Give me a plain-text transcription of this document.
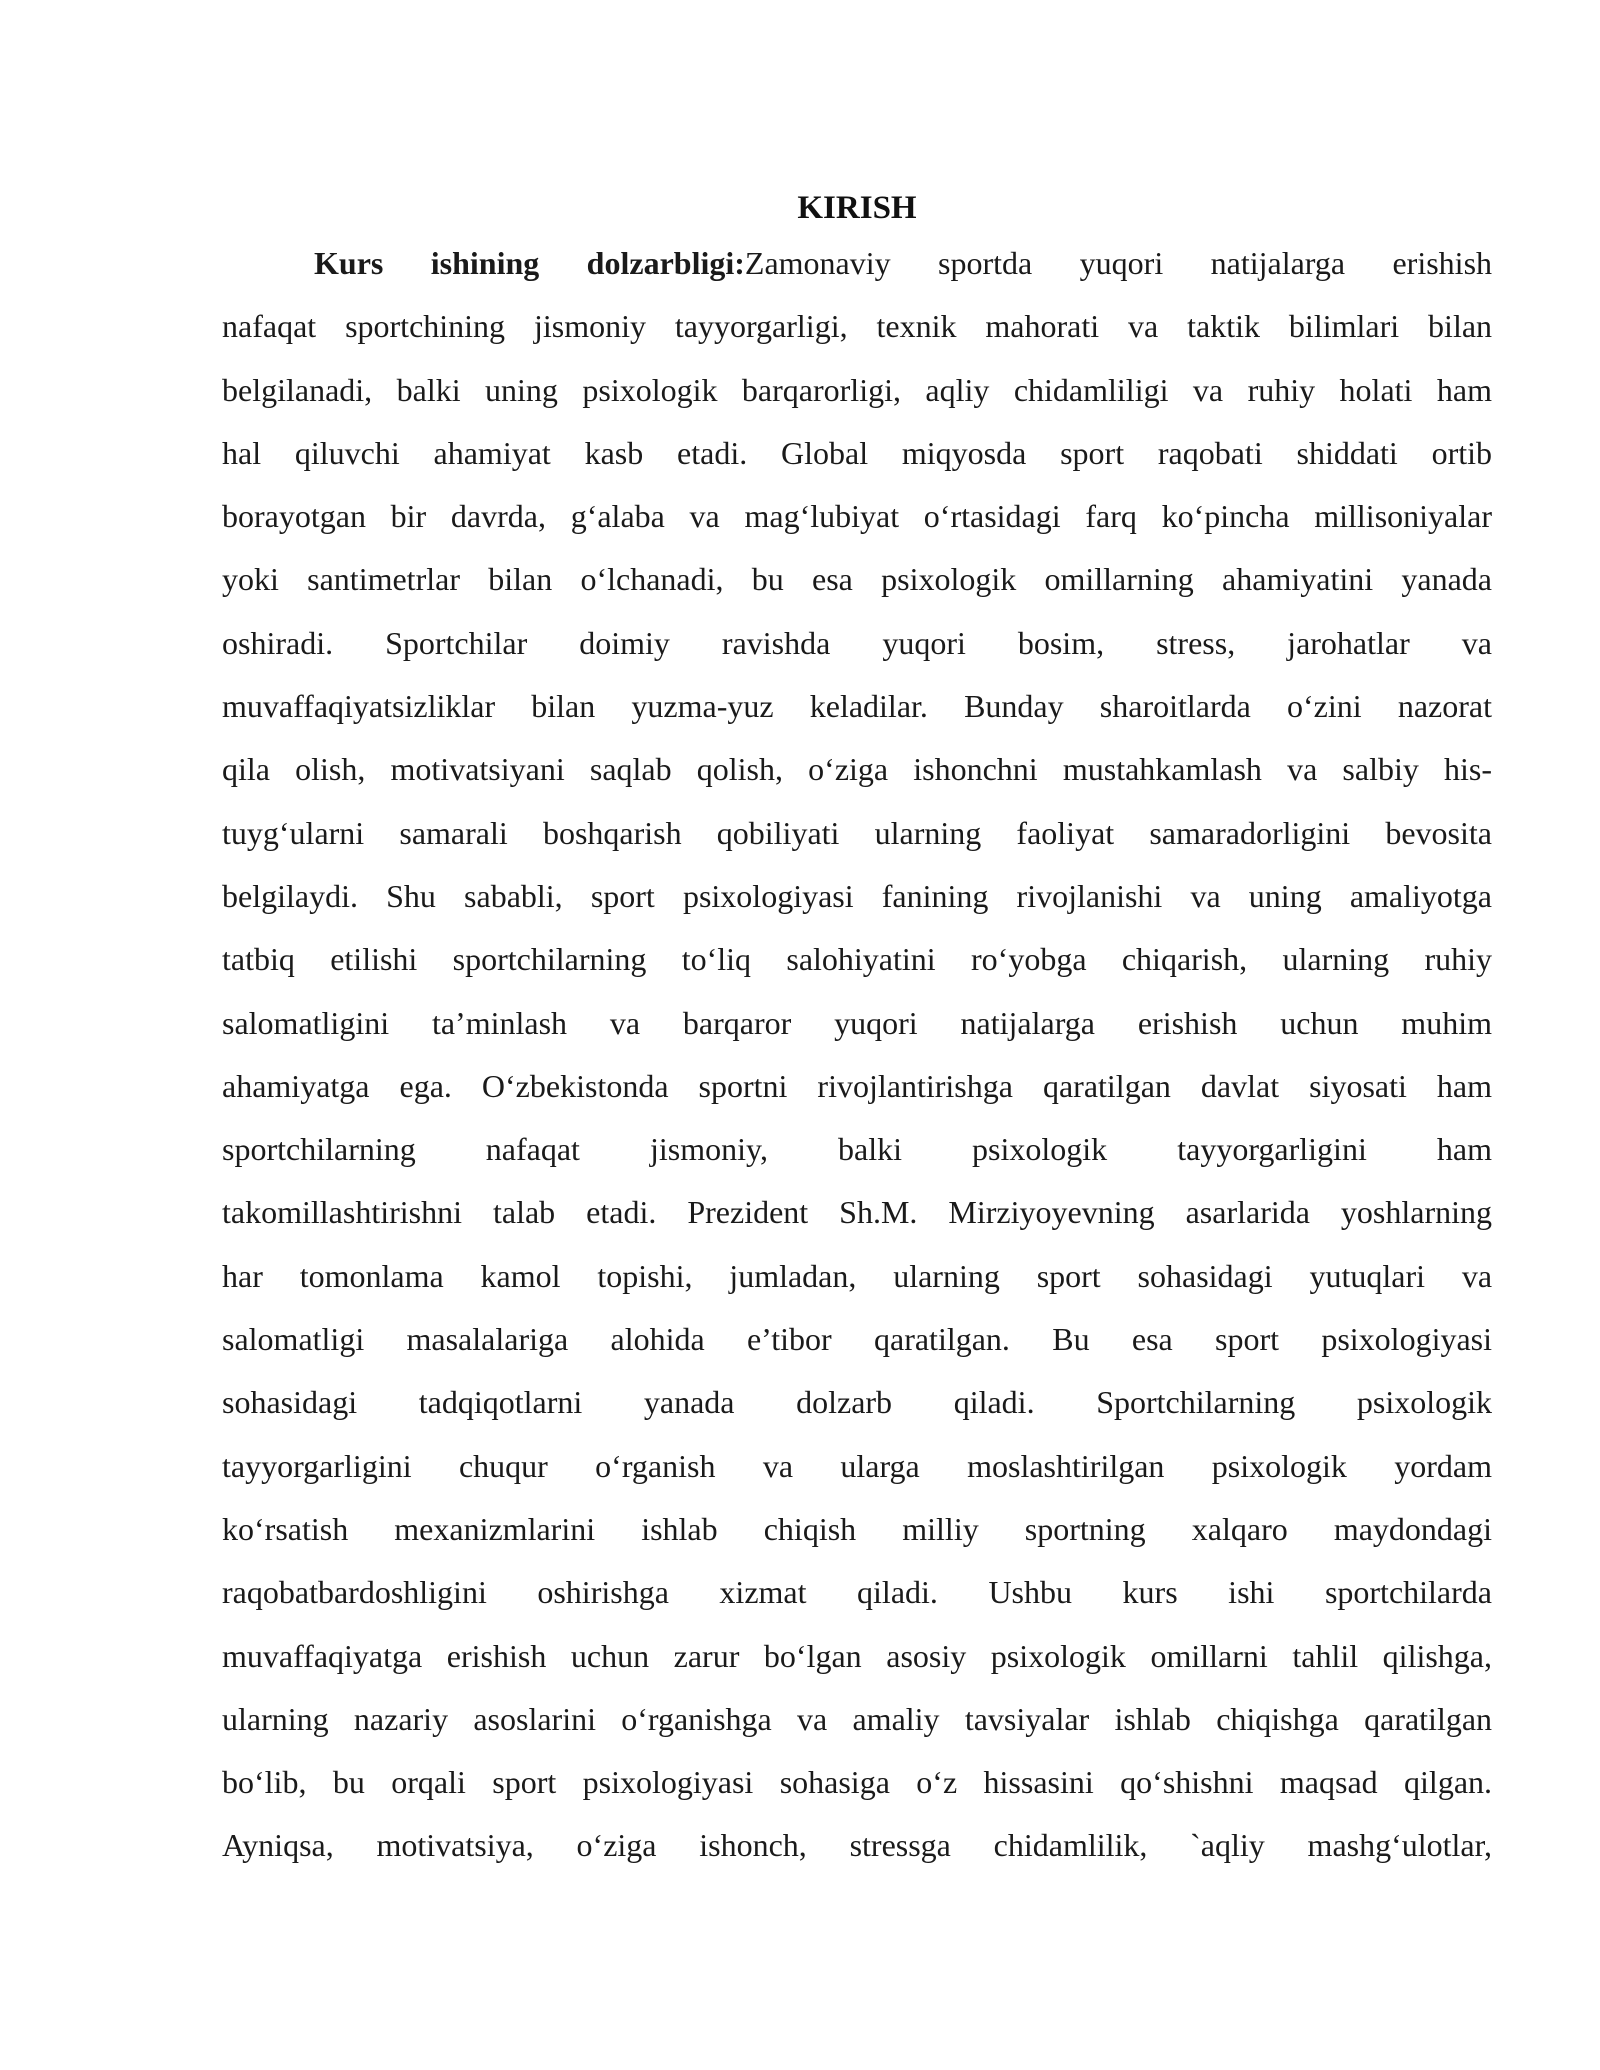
KIRISH
Kurs ishining dolzarbligi:Zamonaviy sportda yuqori natijalarga erishish
nafaqat sportchining jismoniy tayyorgarligi, texnik mahorati va taktik bilimlari bilan
belgilanadi, balki uning psixologik barqarorligi, aqliy chidamliligi va ruhiy holati ham
hal qiluvchi ahamiyat kasb etadi. Global miqyosda sport raqobati shiddati ortib
borayotgan bir davrda, g‘alaba va mag‘lubiyat o‘rtasidagi farq ko‘pincha millisoniyalar
yoki santimetrlar bilan o‘lchanadi, bu esa psixologik omillarning ahamiyatini yanada
oshiradi. Sportchilar doimiy ravishda yuqori bosim, stress, jarohatlar va
muvaffaqiyatsizliklar bilan yuzma-yuz keladilar. Bunday sharoitlarda o‘zini nazorat
qila olish, motivatsiyani saqlab qolish, o‘ziga ishonchni mustahkamlash va salbiy his-
tuyg‘ularni samarali boshqarish qobiliyati ularning faoliyat samaradorligini bevosita
belgilaydi. Shu sababli, sport psixologiyasi fanining rivojlanishi va uning amaliyotga
tatbiq etilishi sportchilarning to‘liq salohiyatini ro‘yobga chiqarish, ularning ruhiy
salomatligini ta’minlash va barqaror yuqori natijalarga erishish uchun muhim
ahamiyatga ega. O‘zbekistonda sportni rivojlantirishga qaratilgan davlat siyosati ham
sportchilarning nafaqat jismoniy, balki psixologik tayyorgarligini ham
takomillashtirishni talab etadi. Prezident Sh.M. Mirziyoyevning asarlarida yoshlarning
har tomonlama kamol topishi, jumladan, ularning sport sohasidagi yutuqlari va
salomatligi masalalariga alohida e’tibor qaratilgan. Bu esa sport psixologiyasi
sohasidagi tadqiqotlarni yanada dolzarb qiladi. Sportchilarning psixologik
tayyorgarligini chuqur o‘rganish va ularga moslashtirilgan psixologik yordam
ko‘rsatish mexanizmlarini ishlab chiqish milliy sportning xalqaro maydondagi
raqobatbardoshligini oshirishga xizmat qiladi. Ushbu kurs ishi sportchilarda
muvaffaqiyatga erishish uchun zarur bo‘lgan asosiy psixologik omillarni tahlil qilishga,
ularning nazariy asoslarini o‘rganishga va amaliy tavsiyalar ishlab chiqishga qaratilgan
bo‘lib, bu orqali sport psixologiyasi sohasiga o‘z hissasini qo‘shishni maqsad qilgan.
Ayniqsa, motivatsiya, o‘ziga ishonch, stressga chidamlilik, `aqliy mashg‘ulotlar,
